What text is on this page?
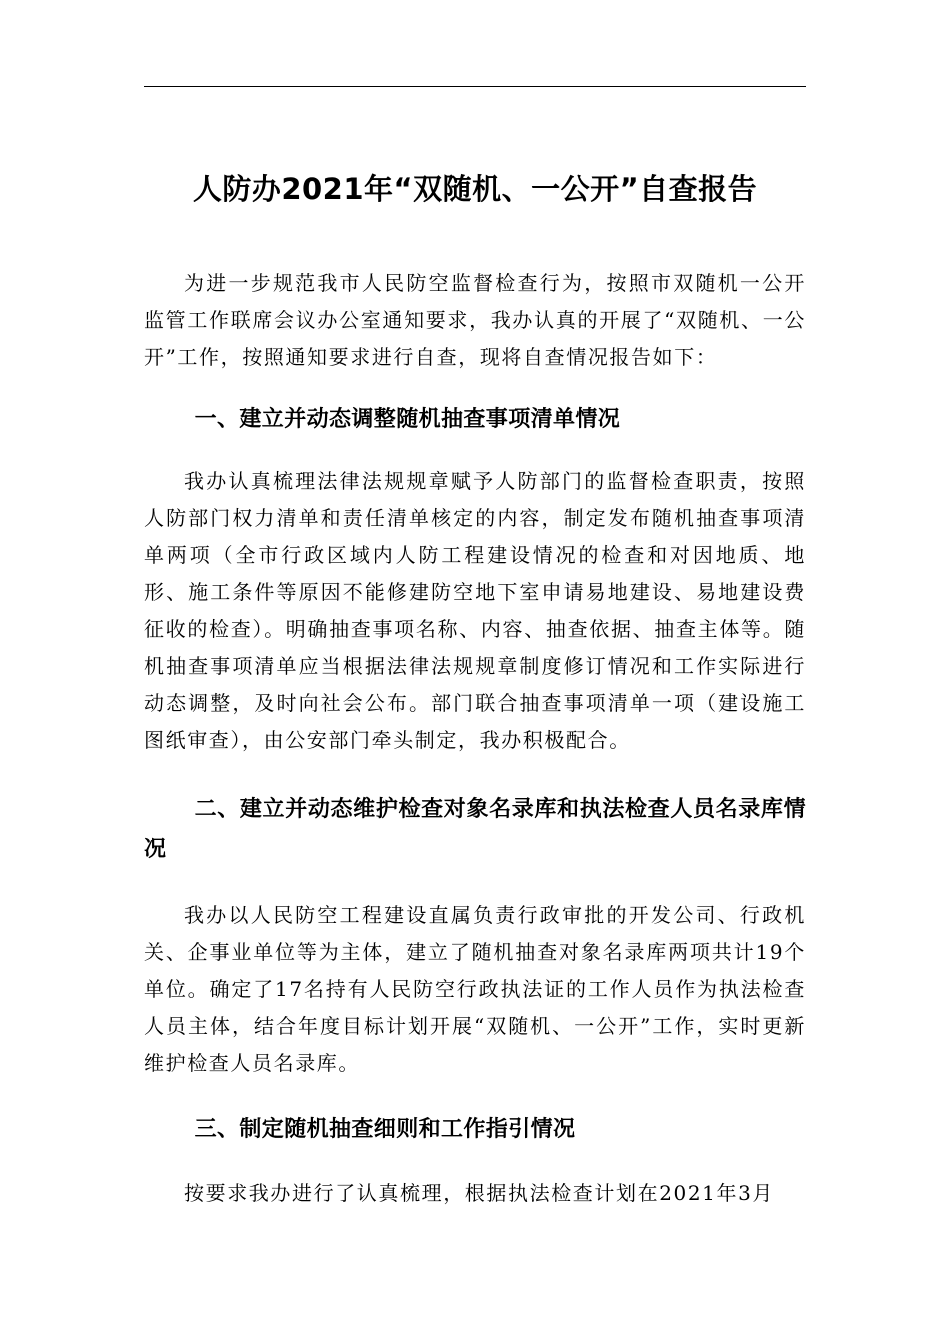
人防办2021年“双随机、一公开”自查报告

为进一步规范我市人民防空监督检查行为，按照市双随机一公开监管工作联席会议办公室通知要求，我办认真的开展了“双随机、一公开”工作，按照通知要求进行自查，现将自查情况报告如下：

一、建立并动态调整随机抽查事项清单情况

我办认真梳理法律法规规章赋予人防部门的监督检查职责，按照人防部门权力清单和责任清单核定的内容，制定发布随机抽查事项清单两项（全市行政区域内人防工程建设情况的检查和对因地质、地形、施工条件等原因不能修建防空地下室申请易地建设、易地建设费征收的检查）。明确抽查事项名称、内容、抽查依据、抽查主体等。随机抽查事项清单应当根据法律法规规章制度修订情况和工作实际进行动态调整，及时向社会公布。部门联合抽查事项清单一项（建设施工图纸审查），由公安部门牵头制定，我办积极配合。

二、建立并动态维护检查对象名录库和执法检查人员名录库情况

我办以人民防空工程建设直属负责行政审批的开发公司、行政机关、企事业单位等为主体，建立了随机抽查对象名录库两项共计19个单位。确定了17名持有人民防空行政执法证的工作人员作为执法检查人员主体，结合年度目标计划开展“双随机、一公开”工作，实时更新维护检查人员名录库。

三、制定随机抽查细则和工作指引情况

按要求我办进行了认真梳理，根据执法检查计划在2021年3月
